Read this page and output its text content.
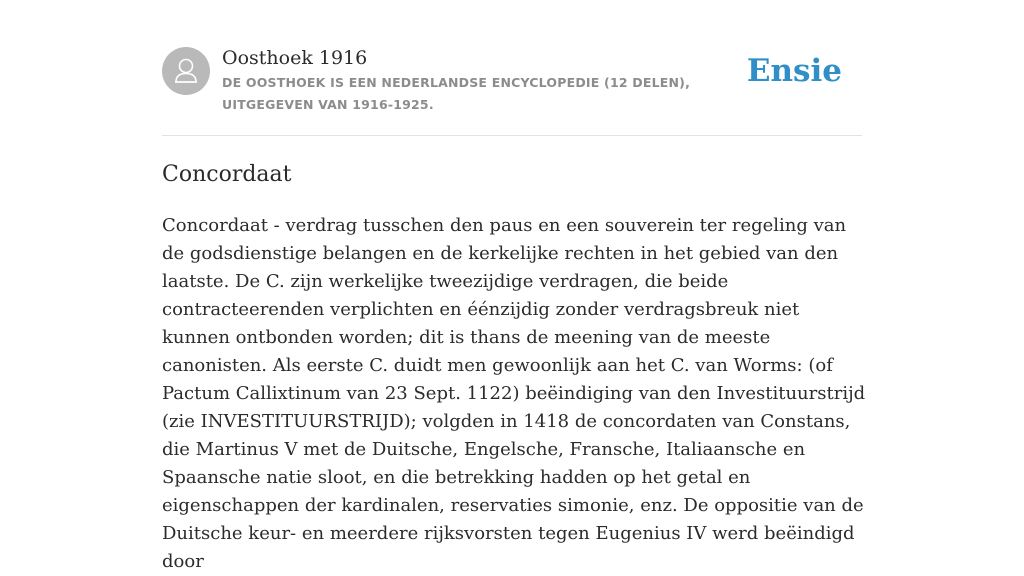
Oosthoek 1916
DE OOSTHOEK IS EEN NEDERLANDSE ENCYCLOPEDIE (12 DELEN), UITGEGEVEN VAN 1916-1925.
Ensie
Concordaat

Concordaat - verdrag tusschen den paus en een souverein ter regeling van de godsdienstige belangen en de kerkelijke rechten in het gebied van den laatste. De C. zijn werkelijke tweezijdige verdragen, die beide contracteerenden verplichten en éénzijdig zonder verdragsbreuk niet kunnen ontbonden worden; dit is thans de meening van de meeste canonisten. Als eerste C. duidt men gewoonlijk aan het C. van Worms: (of Pactum Callixtinum van 23 Sept. 1122) beëindiging van den Investituurstrijd (zie INVESTITUURSTRIJD); volgden in 1418 de concordaten van Constans, die Martinus V met de Duitsche, Engelsche, Fransche, Italiaansche en Spaansche natie sloot, en die betrekking hadden op het getal en eigenschappen der kardinalen, reservaties simonie, enz. De oppositie van de Duitsche keur- en meerdere rijksvorsten tegen Eugenius IV werd beëindigd door
